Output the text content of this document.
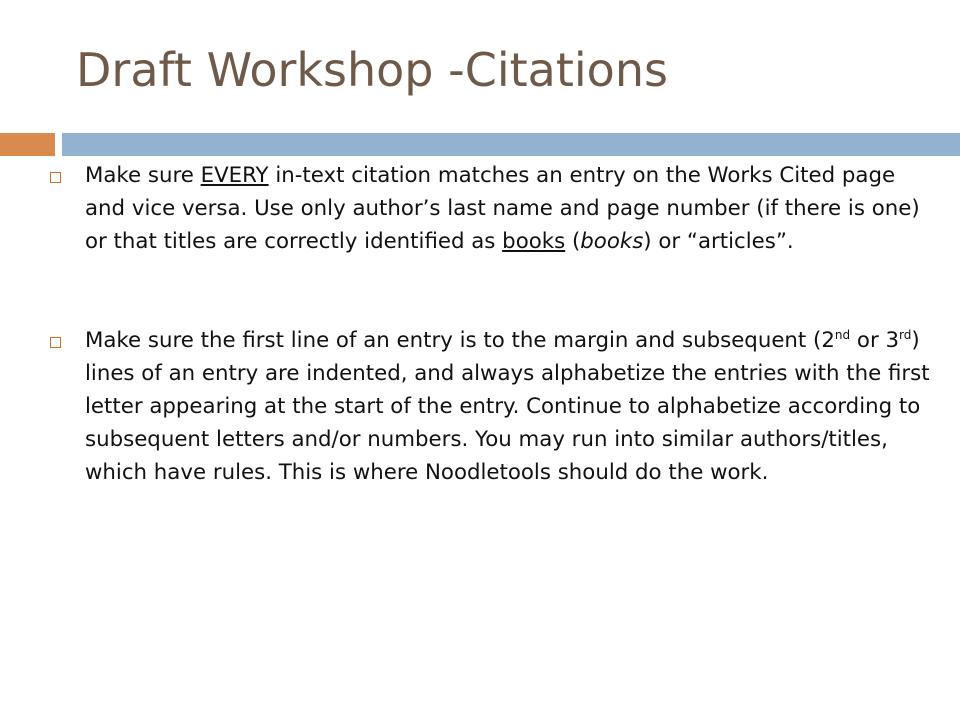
Draft Workshop -Citations
Make sure EVERY in-text citation matches an entry on the Works Cited page and vice versa. Use only author’s last name and page number (if there is one) or that titles are correctly identified as books (books) or “articles”.
Make sure the first line of an entry is to the margin and subsequent (2nd or 3rd) lines of an entry are indented, and always alphabetize the entries with the first letter appearing at the start of the entry. Continue to alphabetize according to subsequent letters and/or numbers. You may run into similar authors/titles, which have rules. This is where Noodletools should do the work.
